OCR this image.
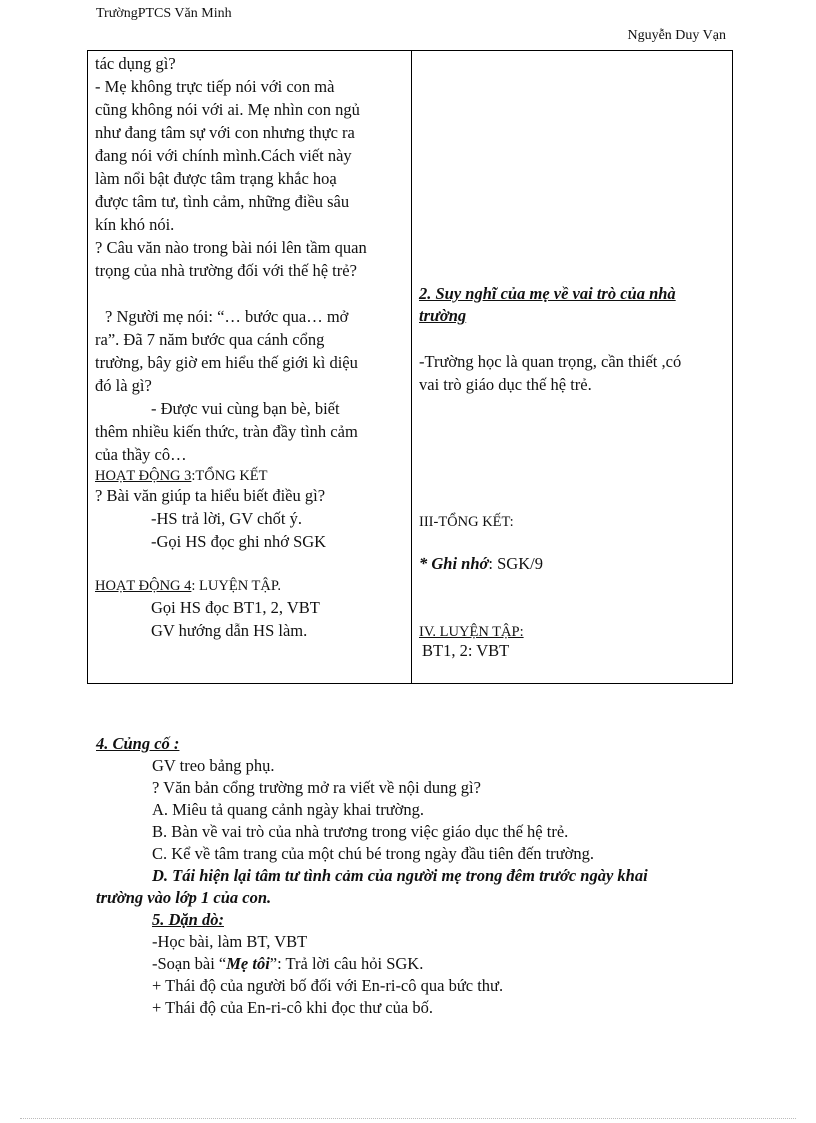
TrườngPTCS Văn Minh
Nguyễn Duy Vạn
tác dụng gì?
- Mẹ không trực tiếp nói với con mà
cũng không nói với ai. Mẹ nhìn con ngủ
như đang tâm sự với con nhưng thực ra
đang nói với chính mình.Cách viết này
làm nổi bật được tâm trạng khắc hoạ
được tâm tư, tình cảm, những điều sâu
kín khó nói.
? Câu văn nào trong bài nói lên tầm quan
trọng của nhà trường đối với thế hệ trẻ?
? Người mẹ nói: “… bước qua… mở
ra”. Đã 7 năm bước qua cánh cổng
trường, bây giờ em hiểu thế giới kì diệu
đó là gì?
- Được vui cùng bạn bè, biết
thêm nhiều kiến thức, tràn đầy tình cảm
của thầy cô…
HOẠT ĐỘNG 3:TỔNG KẾT
? Bài văn giúp ta hiểu biết điều gì?
-HS trả lời, GV chốt ý.
-Gọi HS đọc ghi nhớ SGK
HOẠT ĐỘNG 4: LUYỆN TẬP.
Gọi HS đọc BT1, 2, VBT
GV hướng dẫn HS làm.
2. Suy nghĩ của mẹ về vai trò của nhà
trường
-Trường học là quan trọng, cần thiết ,có
vai trò giáo dục thế hệ trẻ.
III-TỔNG KẾT:
* Ghi nhớ: SGK/9
IV. LUYỆN TẬP:
BT1, 2: VBT
4. Củng cố :
GV treo bảng phụ.
? Văn bản cổng trường mở ra viết về nội dung gì?
A. Miêu tả quang cảnh ngày khai trường.
B. Bàn về vai trò của nhà trương trong việc giáo dục thế hệ trẻ.
C. Kể về tâm trang của một chú bé trong ngày đầu tiên đến trường.
D. Tái hiện lại tâm tư tình cảm của người mẹ trong đêm trước ngày khai
trường vào lớp 1 của con.
5. Dặn dò:
-Học bài, làm BT, VBT
-Soạn bài “Mẹ tôi”: Trả lời câu hỏi SGK.
+ Thái độ của người bố đối với En-ri-cô qua bức thư.
+ Thái độ của En-ri-cô khi đọc thư của bố.
